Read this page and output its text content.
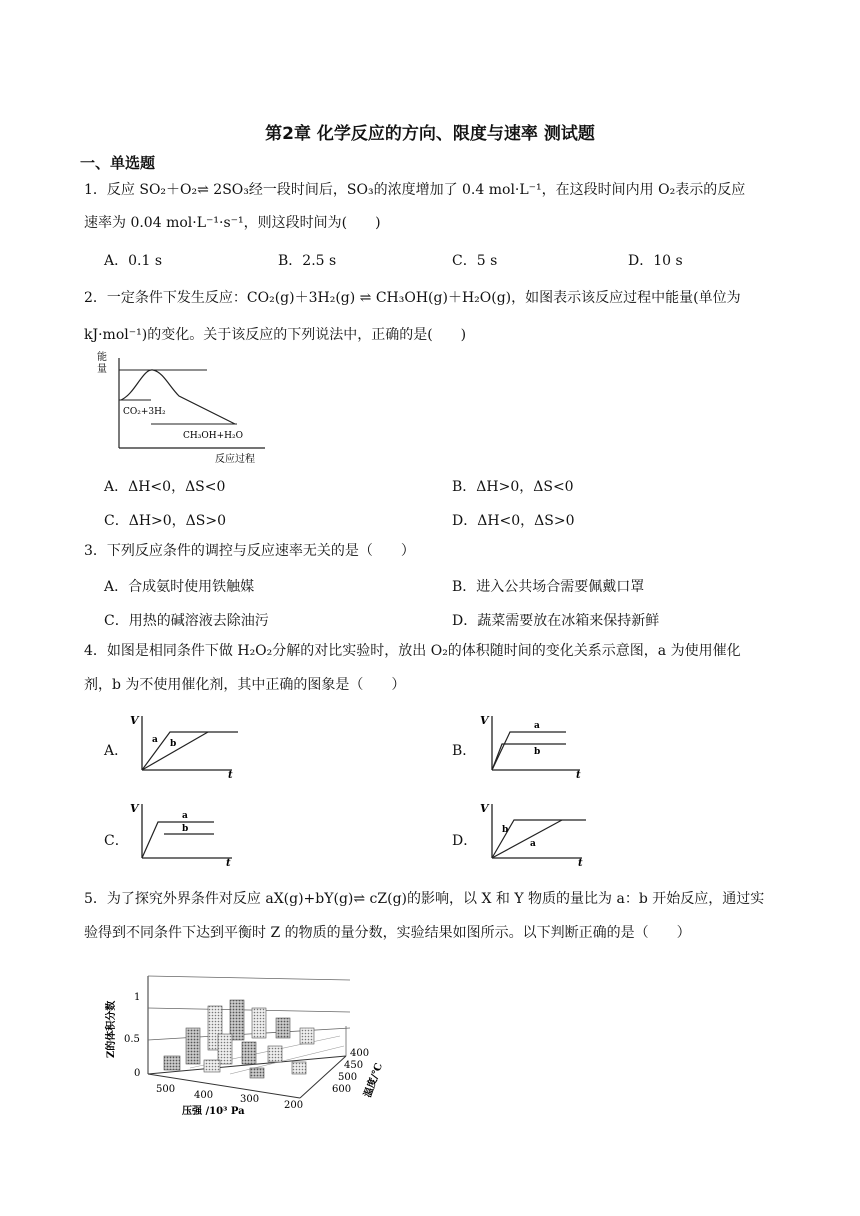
第2章 化学反应的方向、限度与速率 测试题
一、单选题
1．反应 SO₂＋O₂⇌ 2SO₃经一段时间后，SO₃的浓度增加了 0.4 mol·L⁻¹，在这段时间内用 O₂表示的反应
速率为 0.04 mol·L⁻¹·s⁻¹，则这段时间为(　　)
A．0.1 s	B．2.5 s	C．5 s	D．10 s
2．一定条件下发生反应：CO₂(g)＋3H₂(g) ⇌ CH₃OH(g)＋H₂O(g)，如图表示该反应过程中能量(单位为
kJ·mol⁻¹)的变化。关于该反应的下列说法中，正确的是(　　)
能
量
CO₂+3H₂
CH₃OH+H₂O
反应过程
A．ΔH<0，ΔS<0	B．ΔH>0，ΔS<0
C．ΔH>0，ΔS>0	D．ΔH<0，ΔS>0
3．下列反应条件的调控与反应速率无关的是（　　）
A．合成氨时使用铁触媒	B．进入公共场合需要佩戴口罩
C．用热的碱溶液去除油污	D．蔬菜需要放在冰箱来保持新鲜
4．如图是相同条件下做 H₂O₂分解的对比实验时，放出 O₂的体积随时间的变化关系示意图，a 为使用催化
剂，b 为不使用催化剂，其中正确的图象是（　　）
A．
V
t
a b	B．
V
t
a
b
C．
V
t
a
b
D．
V
t
b
a
5．为了探究外界条件对反应 aX(g)+bY(g)⇌ cZ(g)的影响，以 X 和 Y 物质的量比为 a：b 开始反应，通过实
验得到不同条件下达到平衡时 Z 的物质的量分数，实验结果如图所示。以下判断正确的是（　　）
Z的体积分数
1
0.5
0
500
400	300
200
压强 /10³ Pa
400
450
500
600 温度/℃
